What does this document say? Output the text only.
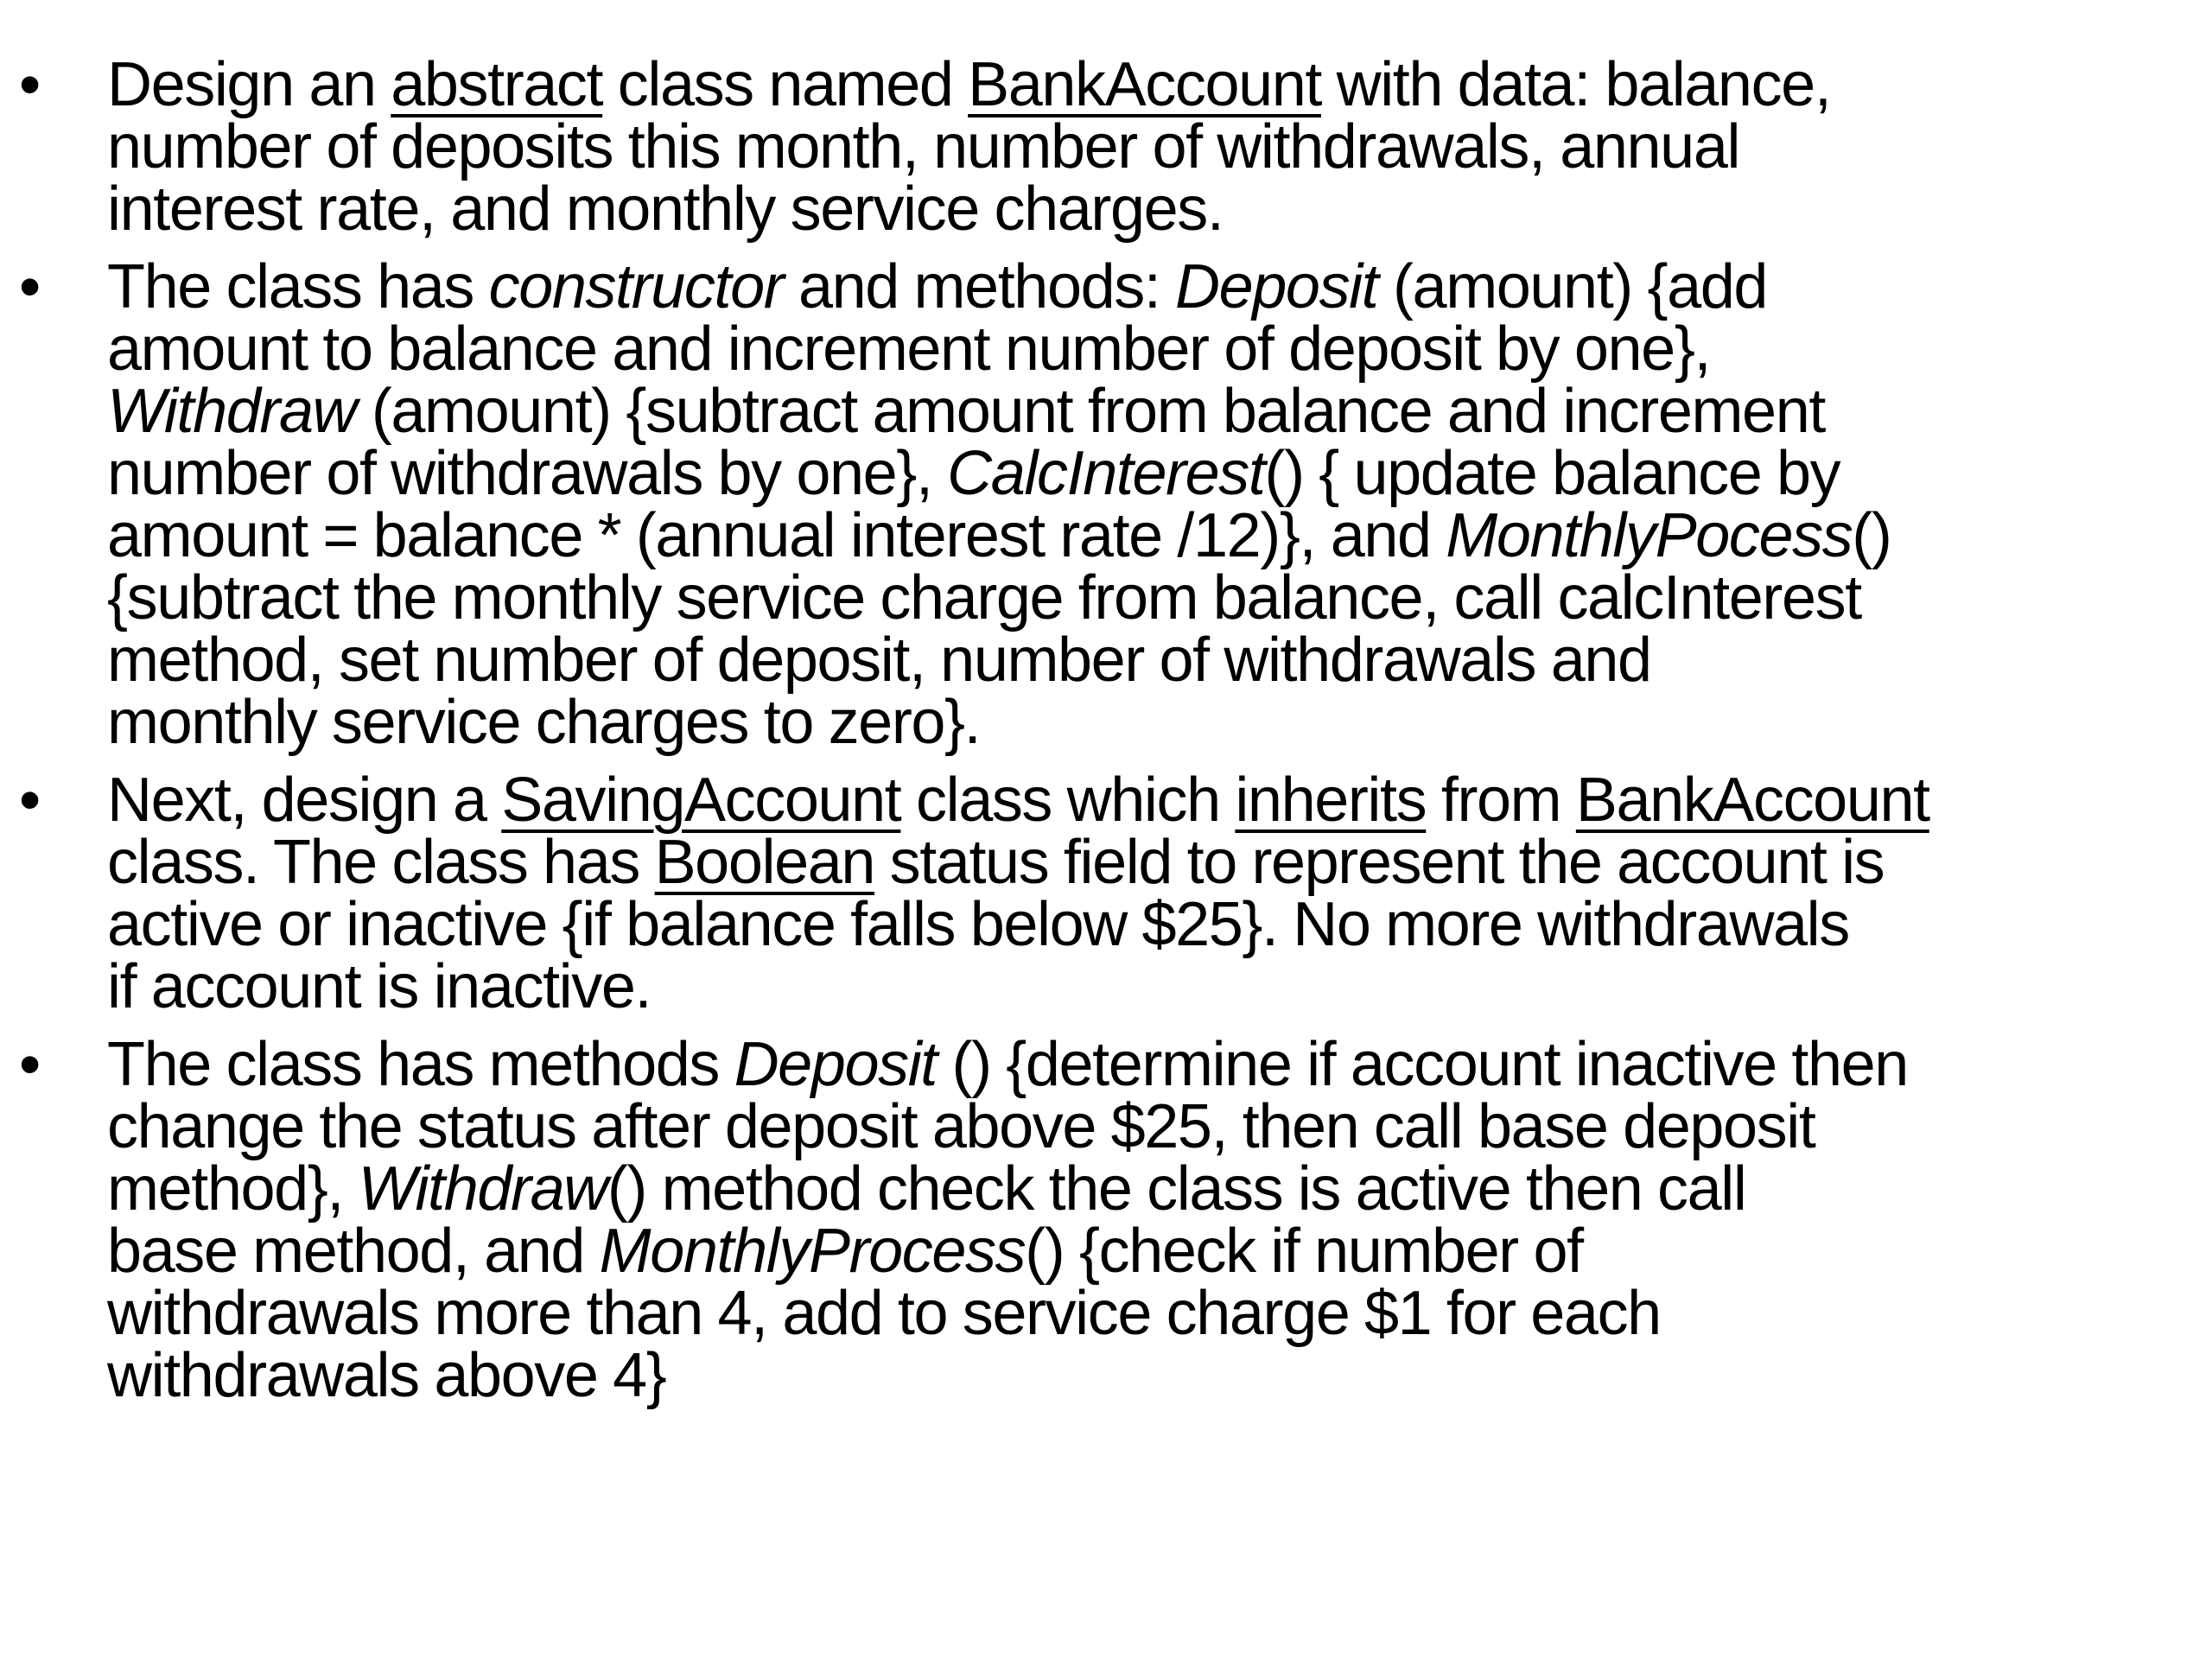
•	Design an abstract class named BankAccount with data: balance,
number of deposits this month, number of withdrawals, annual
interest rate, and monthly service charges.
•	The class has constructor and methods: Deposit (amount) {add
amount to balance and increment number of deposit by one},
Withdraw (amount) {subtract amount from balance and increment
number of withdrawals by one}, CalcInterest() { update balance by
amount = balance * (annual interest rate /12)}, and MonthlyPocess()
{subtract the monthly service charge from balance, call calcInterest
method, set number of deposit, number of withdrawals and
monthly service charges to zero}.
•	Next, design a SavingAccount class which inherits from BankAccount
class. The class has Boolean status field to represent the account is
active or inactive {if balance falls below $25}. No more withdrawals
if account is inactive.
•	The class has methods Deposit () {determine if account inactive then
change the status after deposit above $25, then call base deposit
method}, Withdraw() method check the class is active then call
base method, and MonthlyProcess() {check if number of
withdrawals more than 4, add to service charge $1 for each
withdrawals above 4}
